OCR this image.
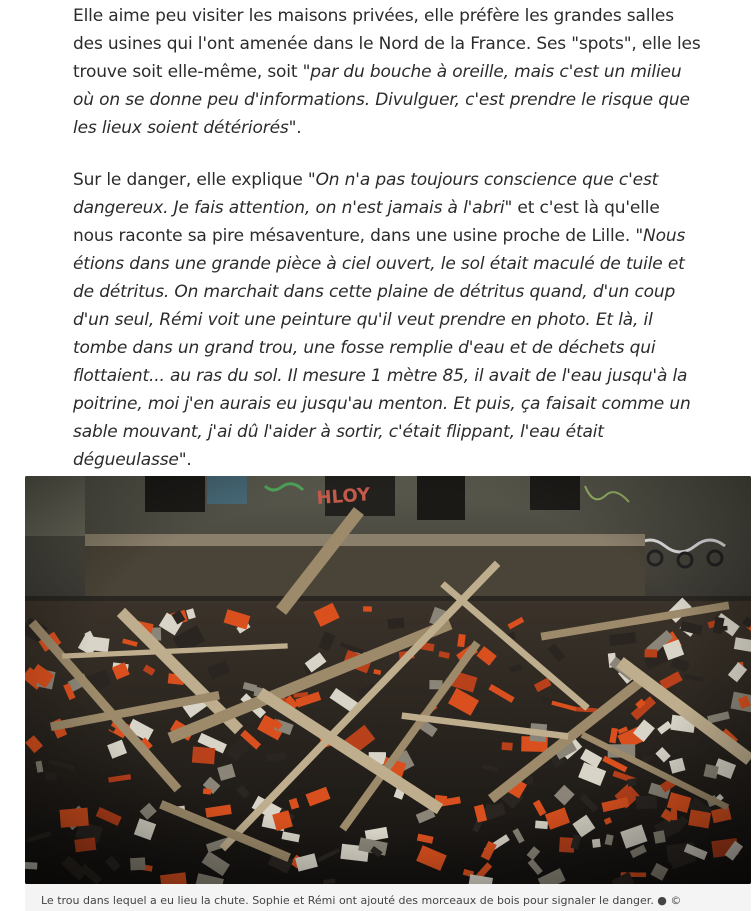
Elle aime peu visiter les maisons privées, elle préfère les grandes salles des usines qui l'ont amenée dans le Nord de la France. Ses "spots", elle les trouve soit elle-même, soit "par du bouche à oreille, mais c'est un milieu où on se donne peu d'informations. Divulguer, c'est prendre le risque que les lieux soient détériorés".

Sur le danger, elle explique "On n'a pas toujours conscience que c'est dangereux. Je fais attention, on n'est jamais à l'abri" et c'est là qu'elle nous raconte sa pire mésaventure, dans une usine proche de Lille. "Nous étions dans une grande pièce à ciel ouvert, le sol était maculé de tuile et de détritus. On marchait dans cette plaine de détritus quand, d'un coup d'un seul, Rémi voit une peinture qu'il veut prendre en photo. Et là, il tombe dans un grand trou, une fosse remplie d'eau et de déchets qui flottaient... au ras du sol. Il mesure 1 mètre 85, il avait de l'eau jusqu'à la poitrine, moi j'en aurais eu jusqu'au menton. Et puis, ça faisait comme un sable mouvant, j'ai dû l'aider à sortir, c'était flippant, l'eau était dégueulasse".

Le trou dans lequel a eu lieu la chute. Sophie et Rémi ont ajouté des morceaux de bois pour signaler le danger. ● ©
